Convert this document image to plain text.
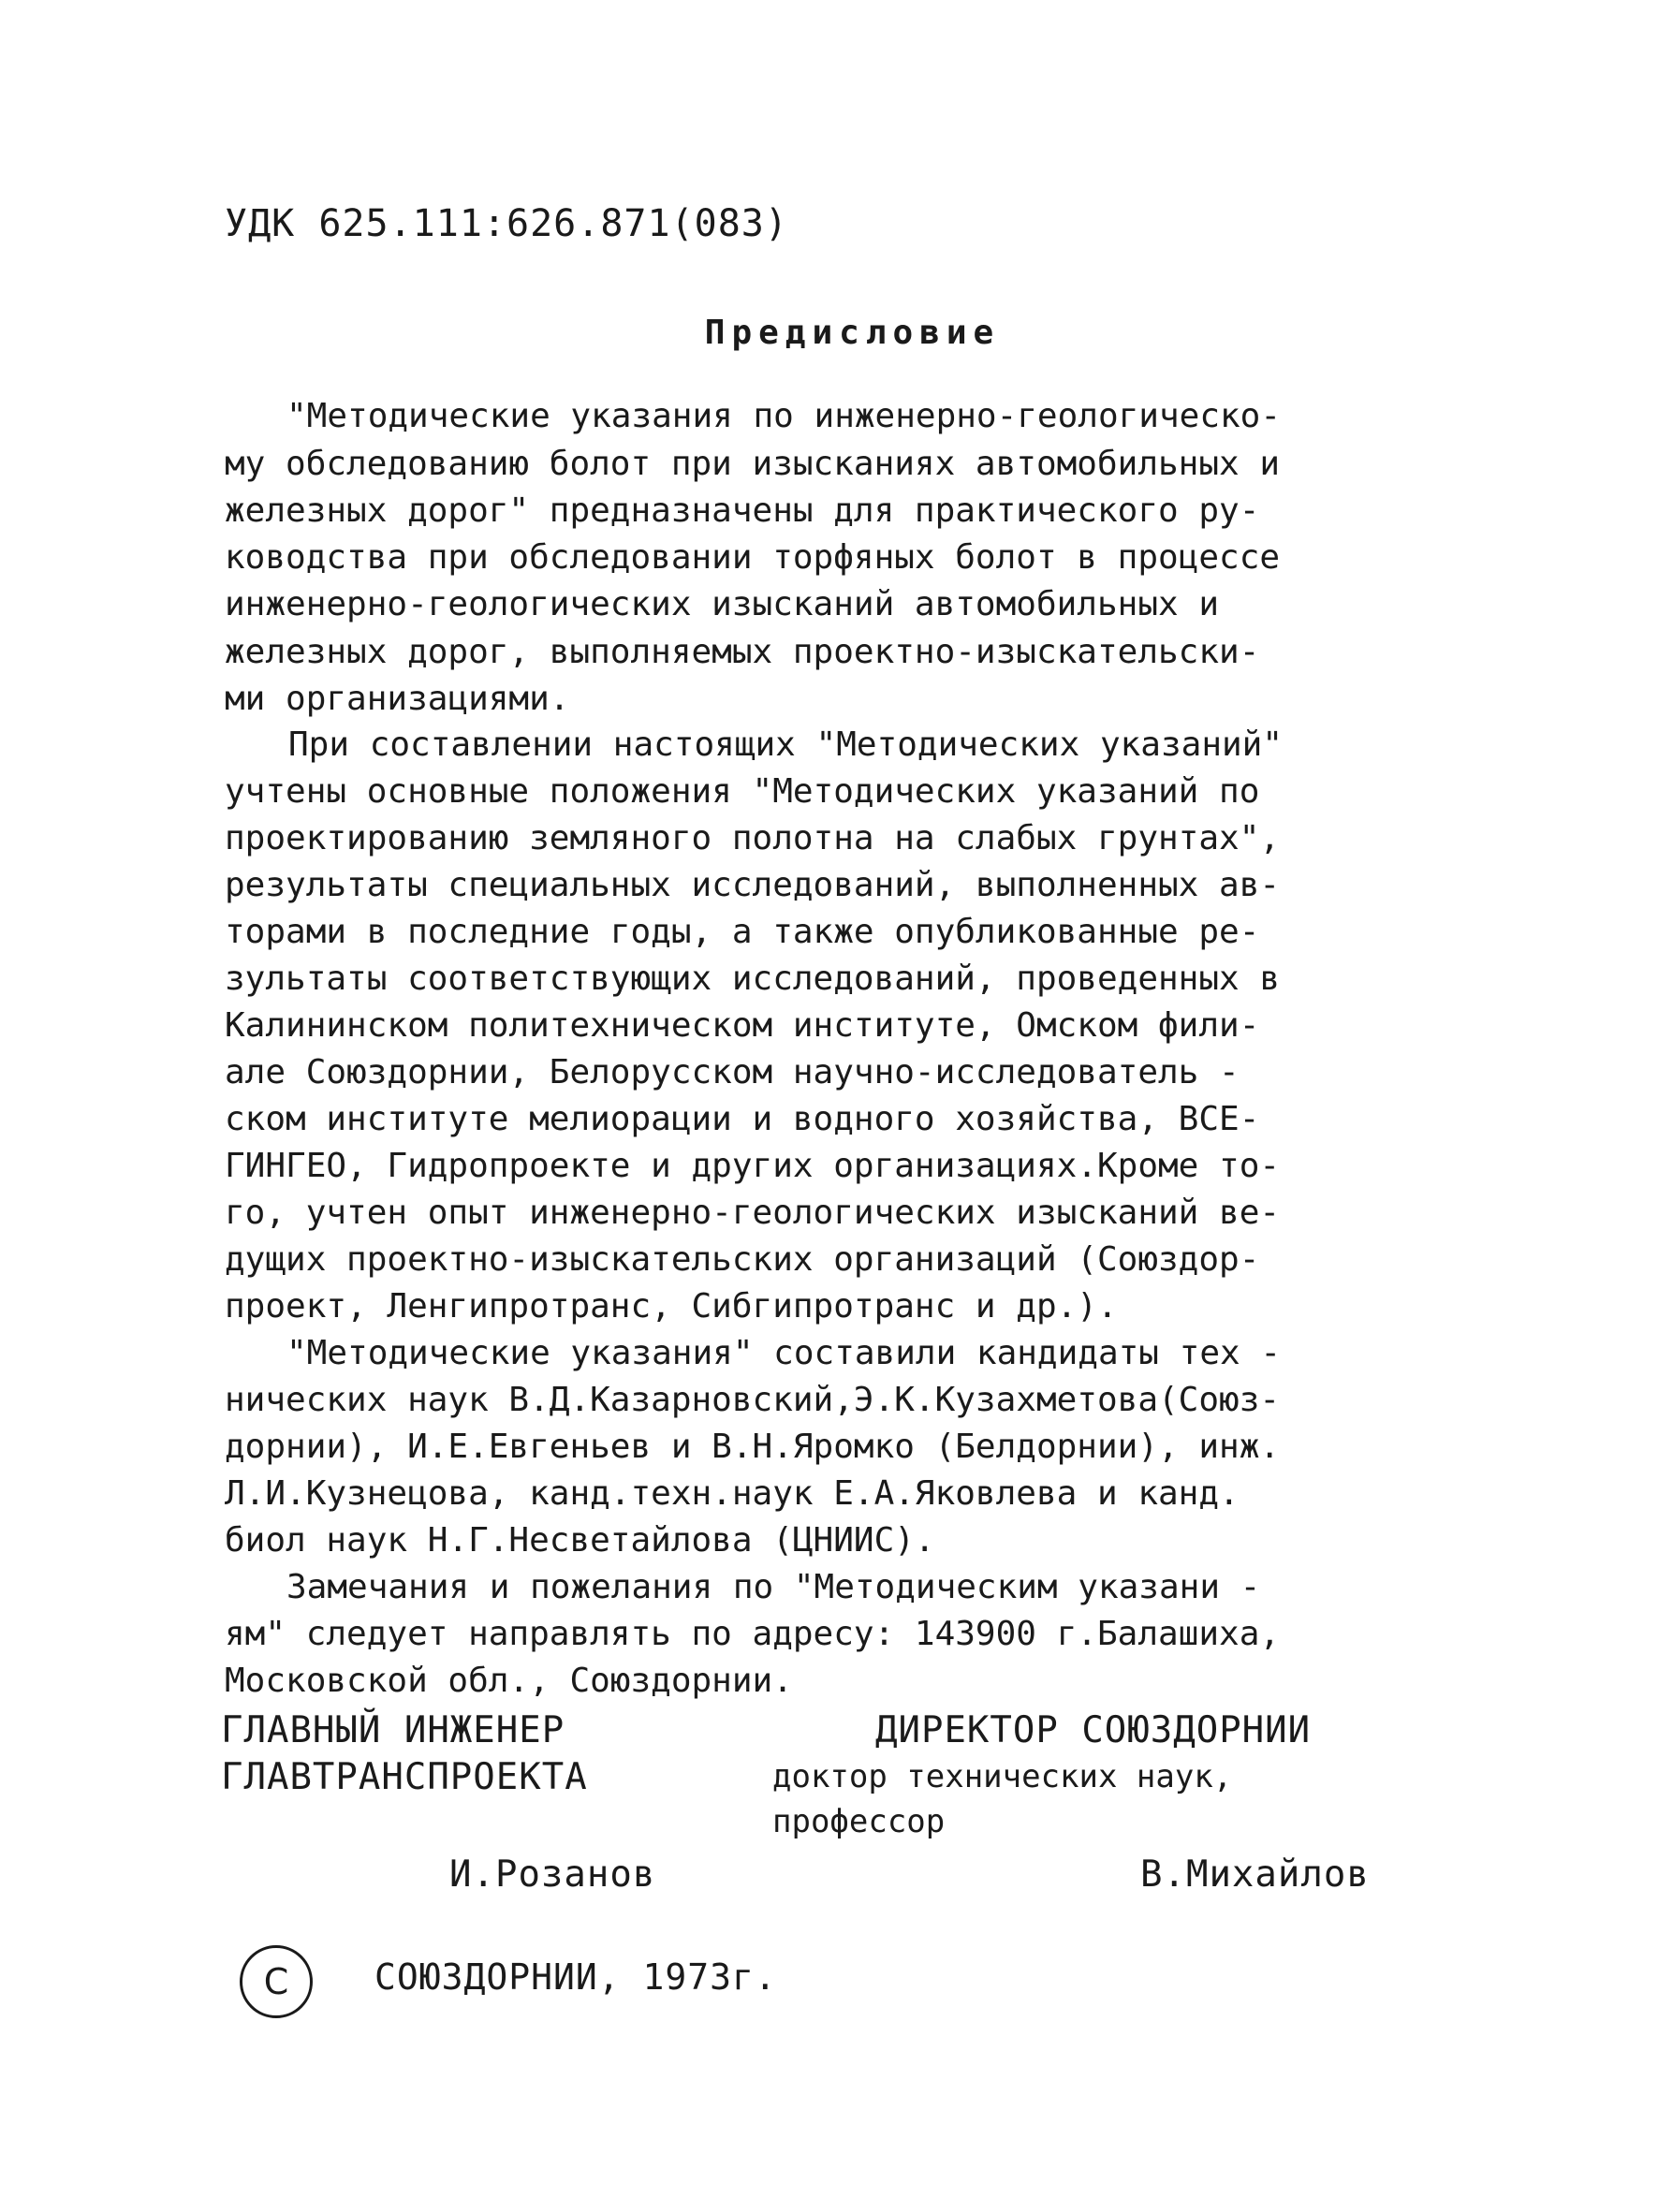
УДК 625.111:626.871(083)
Предисловие
"Методические указания по инженерно-геологическо-
му обследованию болот при изысканиях автомобильных и
железных дорог" предназначены для практического ру-
ководства при обследовании торфяных болот в процессе
инженерно-геологических изысканий автомобильных и
железных дорог, выполняемых проектно-изыскательски-
ми организациями.
При составлении настоящих "Методических указаний"
учтены основные положения "Методических указаний по
проектированию земляного полотна на слабых грунтах",
результаты специальных исследований, выполненных ав-
торами в последние годы, а также опубликованные ре-
зультаты соответствующих исследований, проведенных в
Калининском политехническом институте, Омском фили-
але Союздорнии, Белорусском научно-исследователь -
ском институте мелиорации и водного хозяйства, ВСЕ-
ГИНГЕО, Гидропроекте и других организациях.Кроме то-
го, учтен опыт инженерно-геологических изысканий ве-
дущих проектно-изыскательских организаций (Союздор-
проект, Ленгипротранс, Сибгипротранс и др.).
"Методические указания" составили кандидаты тех -
нических наук В.Д.Казарновский,Э.К.Кузахметова(Союз-
дорнии), И.Е.Евгеньев и В.Н.Яромко (Белдорнии), инж.
Л.И.Кузнецова, канд.техн.наук Е.А.Яковлева и канд.
биол наук Н.Г.Несветайлова (ЦНИИС).
Замечания и пожелания по "Методическим указани -
ям" следует направлять по адресу: 143900 г.Балашиха,
Московской обл., Союздорнии.
ГЛАВНЫЙ ИНЖЕНЕР
ГЛАВТРАНСПРОЕКТА
И.Розанов
ДИРЕКТОР СОЮЗДОРНИИ
доктор технических наук,
профессор
В.Михайлов
С СОЮЗДОРНИИ, 1973г.
